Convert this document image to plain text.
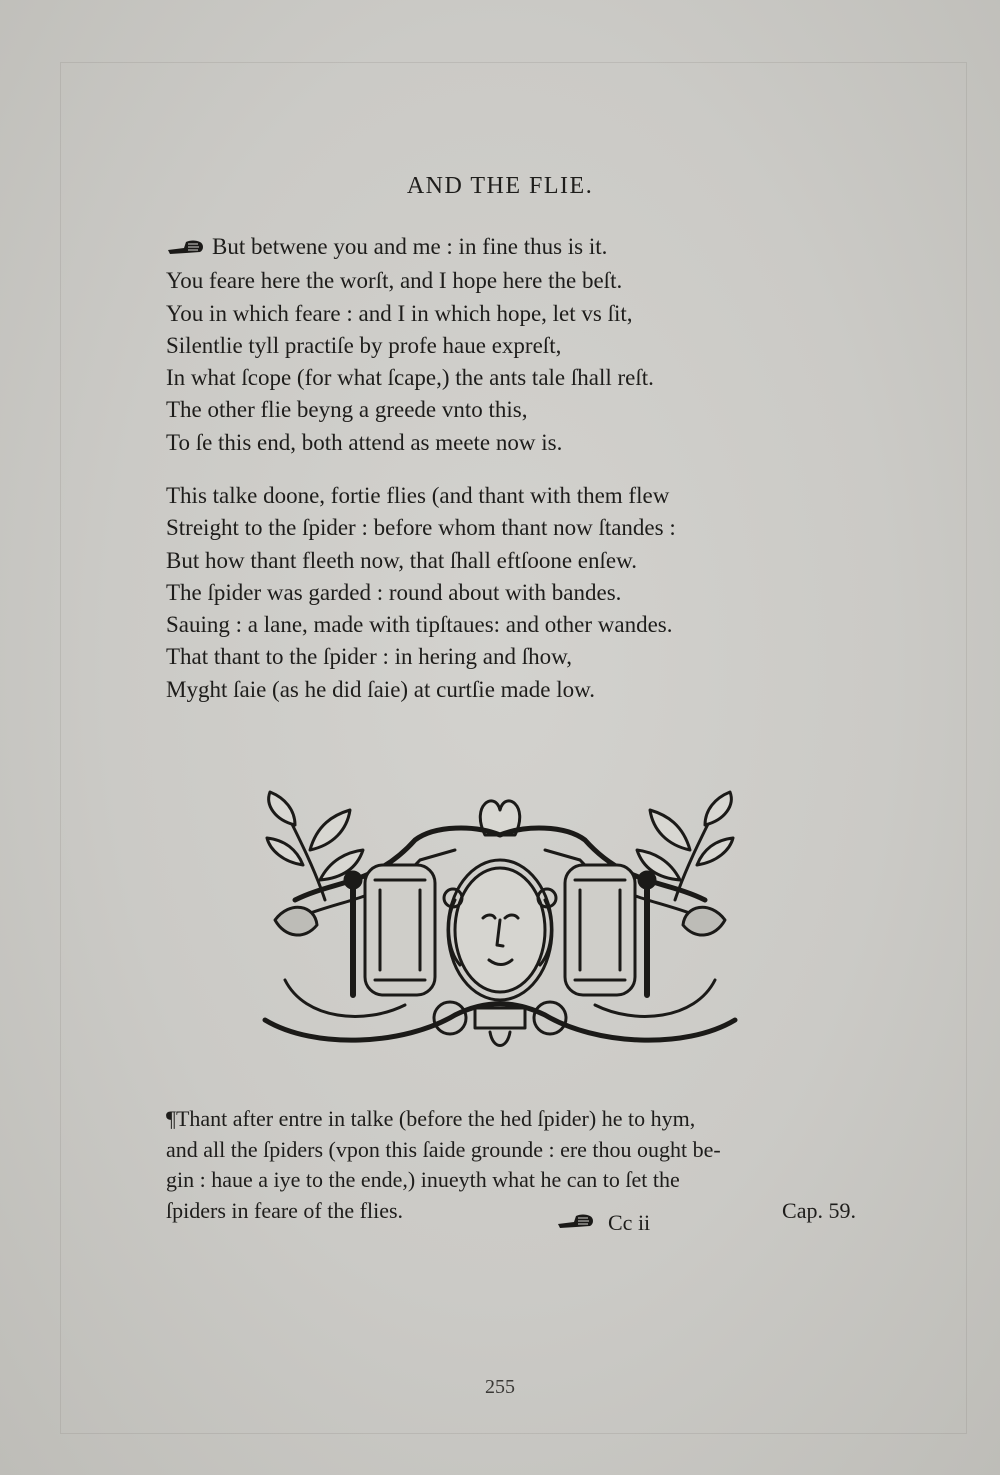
AND THE FLIE.
But betwene you and me : in fine thus is it.
You feare here the worſt, and I hope here the beſt.
You in which feare : and I in which hope, let vs ſit,
Silentlie tyll practiſe by profe haue expreſt,
In what ſcope (for what ſcape,) the ants tale ſhall reſt.
The other flie beyng a greede vnto this,
To ſe this end, both attend as meete now is.
This talke doone, fortie flies (and thant with them flew
Streight to the ſpider : before whom thant now ſtandes :
But how thant fleeth now, that ſhall eftſoone enſew.
The ſpider was garded : round about with bandes.
Sauing : a lane, made with tipſtaues: and other wandes.
That thant to the ſpider : in hering and ſhow,
Myght ſaie (as he did ſaie) at curtſie made low.
¶Thant after entre in talke (before the hed ſpider) he to hym,
and all the ſpiders (vpon this ſaide grounde : ere thou ought be-
gin : haue a iye to the ende,) inueyth what he can to ſet the
ſpiders in feare of the flies.	Cap. 59.
Cc ii
255
